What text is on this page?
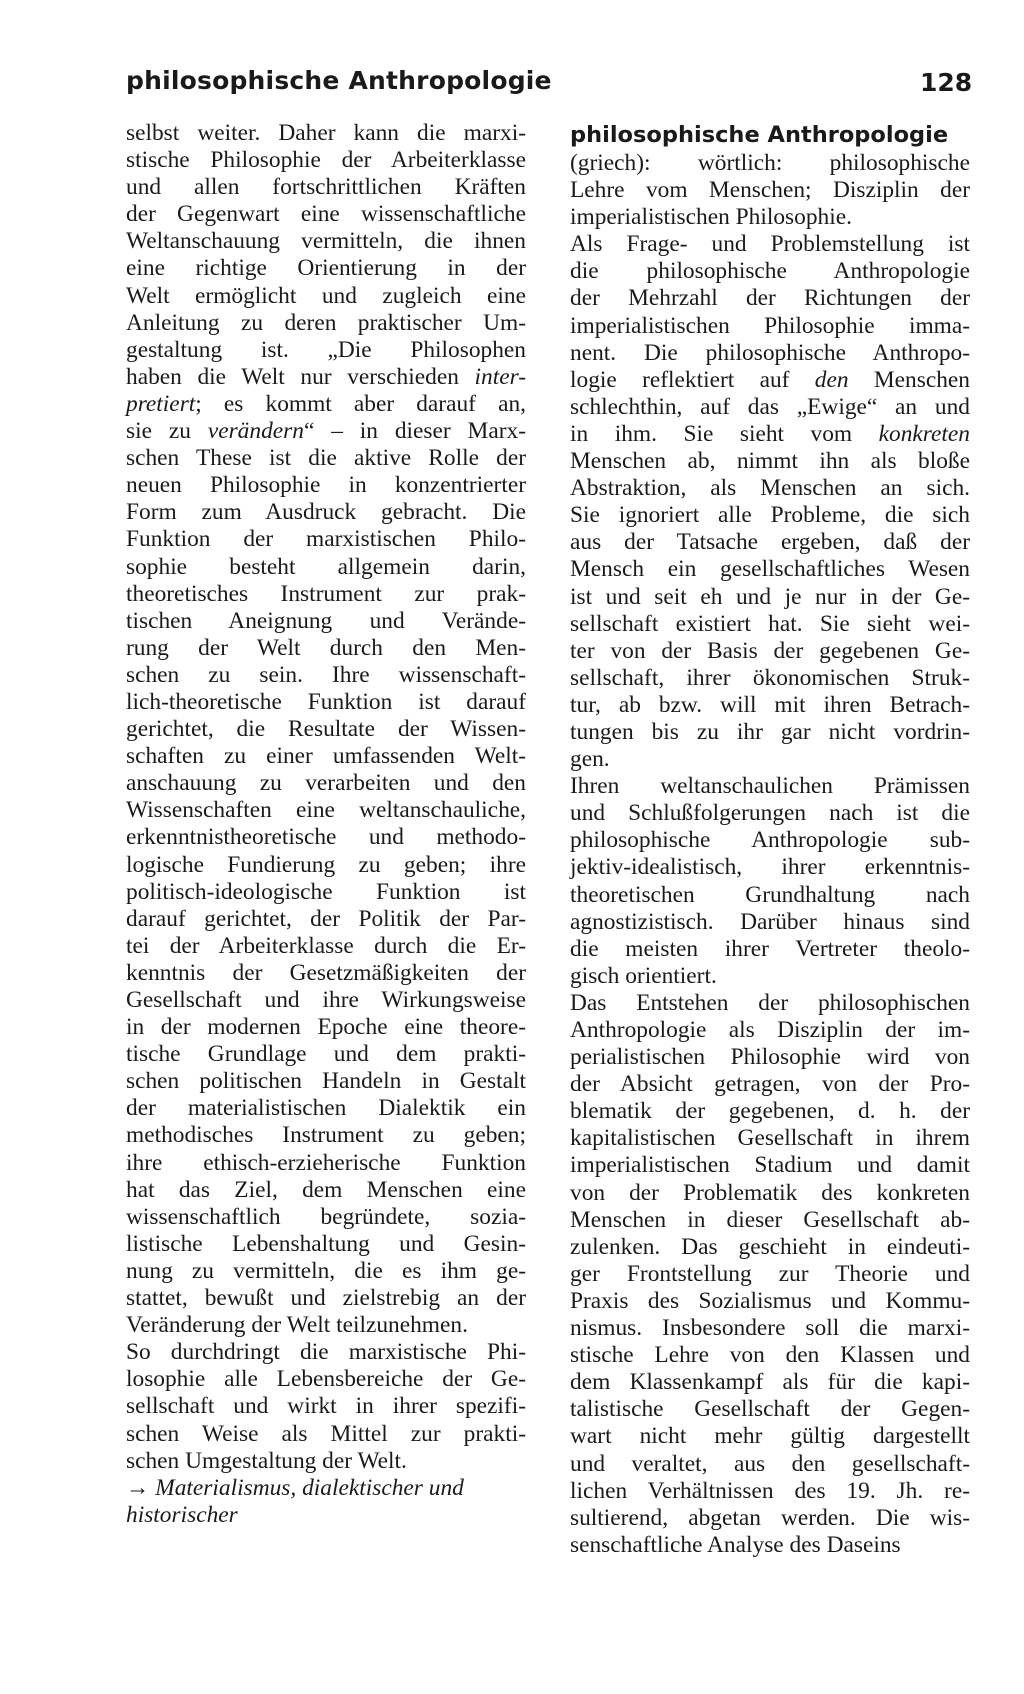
philosophische Anthropologie	128
selbst weiter. Daher kann die marxi-
stische Philosophie der Arbeiterklasse
und allen fortschrittlichen Kräften
der Gegenwart eine wissenschaftliche
Weltanschauung vermitteln, die ihnen
eine richtige Orientierung in der
Welt ermöglicht und zugleich eine
Anleitung zu deren praktischer Um-
gestaltung ist. „Die Philosophen
haben die Welt nur verschieden inter-
pretiert; es kommt aber darauf an,
sie zu verändern“ – in dieser Marx-
schen These ist die aktive Rolle der
neuen Philosophie in konzentrierter
Form zum Ausdruck gebracht. Die
Funktion der marxistischen Philo-
sophie besteht allgemein darin,
theoretisches Instrument zur prak-
tischen Aneignung und Verände-
rung der Welt durch den Men-
schen zu sein. Ihre wissenschaft-
lich-theoretische Funktion ist darauf
gerichtet, die Resultate der Wissen-
schaften zu einer umfassenden Welt-
anschauung zu verarbeiten und den
Wissenschaften eine weltanschauliche,
erkenntnistheoretische und methodo-
logische Fundierung zu geben; ihre
politisch-ideologische Funktion ist
darauf gerichtet, der Politik der Par-
tei der Arbeiterklasse durch die Er-
kenntnis der Gesetzmäßigkeiten der
Gesellschaft und ihre Wirkungsweise
in der modernen Epoche eine theore-
tische Grundlage und dem prakti-
schen politischen Handeln in Gestalt
der materialistischen Dialektik ein
methodisches Instrument zu geben;
ihre ethisch-erzieherische Funktion
hat das Ziel, dem Menschen eine
wissenschaftlich begründete, sozia-
listische Lebenshaltung und Gesin-
nung zu vermitteln, die es ihm ge-
stattet, bewußt und zielstrebig an der
Veränderung der Welt teilzunehmen.
So durchdringt die marxistische Phi-
losophie alle Lebensbereiche der Ge-
sellschaft und wirkt in ihrer spezifi-
schen Weise als Mittel zur prakti-
schen Umgestaltung der Welt.
→ Materialismus, dialektischer und
historischer
philosophische Anthropologie
(griech): wörtlich: philosophische
Lehre vom Menschen; Disziplin der
imperialistischen Philosophie.
Als Frage- und Problemstellung ist
die philosophische Anthropologie
der Mehrzahl der Richtungen der
imperialistischen Philosophie imma-
nent. Die philosophische Anthropo-
logie reflektiert auf den Menschen
schlechthin, auf das „Ewige“ an und
in ihm. Sie sieht vom konkreten
Menschen ab, nimmt ihn als bloße
Abstraktion, als Menschen an sich.
Sie ignoriert alle Probleme, die sich
aus der Tatsache ergeben, daß der
Mensch ein gesellschaftliches Wesen
ist und seit eh und je nur in der Ge-
sellschaft existiert hat. Sie sieht wei-
ter von der Basis der gegebenen Ge-
sellschaft, ihrer ökonomischen Struk-
tur, ab bzw. will mit ihren Betrach-
tungen bis zu ihr gar nicht vordrin-
gen.
Ihren weltanschaulichen Prämissen
und Schlußfolgerungen nach ist die
philosophische Anthropologie sub-
jektiv-idealistisch, ihrer erkenntnis-
theoretischen Grundhaltung nach
agnostizistisch. Darüber hinaus sind
die meisten ihrer Vertreter theolo-
gisch orientiert.
Das Entstehen der philosophischen
Anthropologie als Disziplin der im-
perialistischen Philosophie wird von
der Absicht getragen, von der Pro-
blematik der gegebenen, d. h. der
kapitalistischen Gesellschaft in ihrem
imperialistischen Stadium und damit
von der Problematik des konkreten
Menschen in dieser Gesellschaft ab-
zulenken. Das geschieht in eindeuti-
ger Frontstellung zur Theorie und
Praxis des Sozialismus und Kommu-
nismus. Insbesondere soll die marxi-
stische Lehre von den Klassen und
dem Klassenkampf als für die kapi-
talistische Gesellschaft der Gegen-
wart nicht mehr gültig dargestellt
und veraltet, aus den gesellschaft-
lichen Verhältnissen des 19. Jh. re-
sultierend, abgetan werden. Die wis-
senschaftliche Analyse des Daseins
